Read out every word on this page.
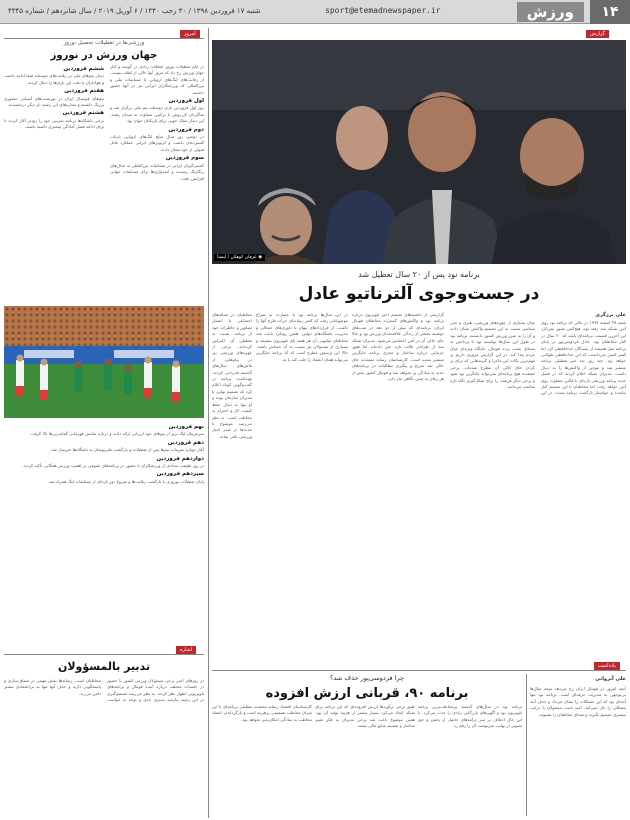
۱۴
ورزش
sport@etemadnewspaper.ir
شنبه ۱۷ فروردین ۱۳۹۸ / ۳۰ رجب ۱۴۴۰ / ۶ آوریل ۲۰۱۹ / سال شانزدهم / شماره ۴۳۴۵
امروز
ورزشی‌ها در تعطیلات تحصیل نوروز
جهان ورزش در نوروز

در ایام تعطیلات نوروز اتفاقات زیادی در گوشه و کنار جهان ورزش رخ داد که مرور آنها خالی از لطف نیست. از رقابت‌های لیگ‌های اروپایی تا مسابقات ملی و بین‌المللی که ورزشکاران ایرانی نیز در آنها حضور داشتند.

اول فروردین

روز اول فروردین بازی دوستانه تیم ملی برگزار شد و شاگردان کی‌روش با ترکیبی متفاوت به میدان رفتند. این دیدار محک خوبی برای بازیکنان جوان بود.

دوم فروردین

در دومین روز سال نتایج لیگ‌های اروپایی بازتاب گسترده‌ای داشت و لژیونرهای ایرانی عملکرد قابل قبولی از خود نشان دادند.

سوم فروردین

کشتی‌گیران ایرانی در مسابقات بین‌المللی به مدال‌های رنگارنگ رسیدند و امیدواری‌ها برای مسابقات جهانی افزایش یافت.

ششم فروردین

دیدار تیم‌های ملی در رقابت‌های دوستانه فیفا ادامه داشت و هواداران با دقت این بازی‌ها را دنبال کردند.

هفتم فروردین

تیم‌های فوتسال ایران در تورنمنت‌های آسیایی حضوری پررنگ داشتند و ستاره‌های این رشته بار دیگر درخشیدند.

هشتم فروردین

برخی باشگاه‌ها برنامه تمرینی خود را زودتر آغاز کردند تا برای ادامه فصل آمادگی بیشتری داشته باشند.

نهم فروردین

سرمربیان لیگ برتر از تیم‌های خود ارزیابی ارائه دادند و درباره شانس قهرمانی گمانه‌زنی‌ها بالا گرفت.

دهم فروردین

آغاز دوباره تمرینات تیم‌ها پس از تعطیلات و بازگشت ملی‌پوشان به باشگاه‌ها خبرساز شد.

دوازدهم فروردین

در روز طبیعت تعدادی از ورزشکاران با حضور در برنامه‌های عمومی بر اهمیت ورزش همگانی تأکید کردند.

سیزدهم فروردین

پایان تعطیلات نوروزی با بازگشت رقابت‌ها و شروع دور تازه‌ای از مسابقات لیگ همراه شد.

اشاره
تدبیر بالمسؤولان
در روزهای اخیر برخی مسئولان ورزش کشور با حضور در جلسات مختلف درباره آینده فوتبال و برنامه‌های تلویزیونی اظهار نظر کردند. به نظر می‌رسد تصمیم‌گیری در این زمینه نیازمند تدبیری جدی و توجه به خواست مخاطبان است. رسانه‌ها نقش مهمی در شفاف‌سازی و پاسخگویی دارند و حذف آنها تنها به بی‌اعتمادی بیشتر دامن می‌زند.
گزارش
◉ عرفان کوهکن / ایسنا
برنامه نود پس از ۲۰ سال تعطیل شد
در جست‌وجوی آلترناتیو عادل
علی برزگری
گزارشی از حاشیه‌های تصمیم اخیر تلویزیون درباره برنامه نود و واکنش‌های گسترده مخاطبان فوتبال ایران. برنامه‌ای که بیش از دو دهه در شب‌های دوشنبه بخشی از زندگی علاقه‌مندان ورزش بود و حالا جای خالی آن در آنتن احساس می‌شود. مدیران شبکه سه از طراحی قالب تازه خبر داده‌اند اما هنوز جزئیاتی درباره ساختار و مجری برنامه جایگزین منتشر نشده است. کارشناسان رسانه معتقدند جای خالی نقد صریح و پیگیری مطالبات در برنامه‌های جدید به سادگی پر نخواهد شد و فوتبال کشور بیش از هر زمان به چنین نگاهی نیاز دارد.
در این سال‌ها برنامه نود با جسارت به سراغ موضوعاتی رفت که کمتر رسانه‌ای جرأت طرح آنها را داشت. از قراردادهای پنهان تا داوری‌های جنجالی و مدیریت باشگاه‌های دولتی. همین رویکرد باعث شد مخاطبان میلیونی آن هر هفته پای تلویزیون بنشینند و بسیاری از مسئولان نیز نسبت به آن حساس باشند. حالا این پرسش مطرح است که آیا برنامه جایگزین می‌تواند همان اعتماد را جلب کند یا نه.
مخاطبان در شبکه‌های اجتماعی با انتشار تصاویر و خاطرات خود از برنامه، نسبت به تعطیلی آن اعتراض کرده‌اند. برخی از چهره‌های ورزشی نیز در پیام‌هایی از تلاش‌های سال‌های گذشته قدردانی کردند. تهیه‌کننده برنامه در گفت‌وگویی کوتاه اعلام کرد که تصمیم نهایی با مدیران سازمان بوده و او تنها به دنبال حفظ کیفیت کار و احترام به مخاطب است. به نظر می‌رسد موضوع تا مدت‌ها در صدر اخبار ورزشی باقی بماند.
شنبه ۲۷ اسفند ۱۳۹۷ در حالی که برنامه نود روی آنتن شبکه سه رفته بود، هیچ‌کس تصور نمی‌کرد این آخرین قسمت برنامه‌ای باشد که ۲۰ سال در کنار مخاطبان بود. عادل فردوسی‌پور در پایان برنامه مثل همیشه از بینندگان خداحافظی کرد اما کمتر کسی می‌دانست که این خداحافظی طولانی خواهد بود. چند روز بعد خبر تعطیلی برنامه منتشر شد و موجی از واکنش‌ها را به دنبال داشت. مدیران شبکه اعلام کردند که در فصل جدید برنامه ورزشی تازه‌ای با قالبی متفاوت روی آنتن خواهد رفت. اما مخاطبان با این تصمیم کنار نیامدند و خواستار بازگشت برنامه شدند. در این میان بسیاری از چهره‌های ورزشی، هنری و حتی سیاسی نسبت به این تصمیم واکنش نشان دادند و آن را به ضرر ورزش کشور دانستند. برنامه نود در طول این سال‌ها توانسته بود با پرداختن به مسائل پشت پرده فوتبال، جایگاه ویژه‌ای میان مردم پیدا کند. در این گزارش مروری داریم بر مهم‌ترین نکات این ماجرا و گزینه‌هایی که برای پر کردن جای خالی آن مطرح شده‌اند. برخی معتقدند هیچ برنامه‌ای نمی‌تواند جایگزین نود شود و برخی دیگر فرصت را برای شکل‌گیری نگاه تازه مناسب می‌دانند.
یادداشت
چرا فردوسی‌پور حذف شد؟
برنامه ۹۰، قربانی ارزش افزوده
برنامه نود در سال‌های گذشته پرمخاطب‌ترین برنامه تلویزیون بود و آگهی‌های بازرگانی زیادی را جذب می‌کرد. با این حال اختلاف بر سر درآمدهای حاصل از پخش و حق تصویر در نهایت سرنوشت آن را رقم زد.
طبق برخی برآوردها ارزش افزوده‌ای که این برنامه برای شبکه ایجاد می‌کرد بسیار بیشتر از هزینه تولید آن بود. همین موضوع باعث شد برخی مدیران به فکر تغییر ساختار و تقسیم منابع مالی بیفتند.
کارشناسان اقتصاد رسانه معتقدند تعطیلی برنامه‌ای با این میزان مخاطب تصمیمی پرهزینه است و بازگرداندن اعتماد مخاطب به سادگی امکان‌پذیر نخواهد بود.
علی آبروانی
آنچه امروز در فوتبال ایران رخ می‌دهد نتیجه سال‌ها بی‌توجهی به مدیریت حرفه‌ای است. برنامه نود تنها آینه‌ای بود که این مشکلات را نشان می‌داد و حذف آینه مشکلی را حل نمی‌کند. امید است مسئولان با درایت بیشتری تصمیم بگیرند و صدای مخاطبان را بشنوند.
